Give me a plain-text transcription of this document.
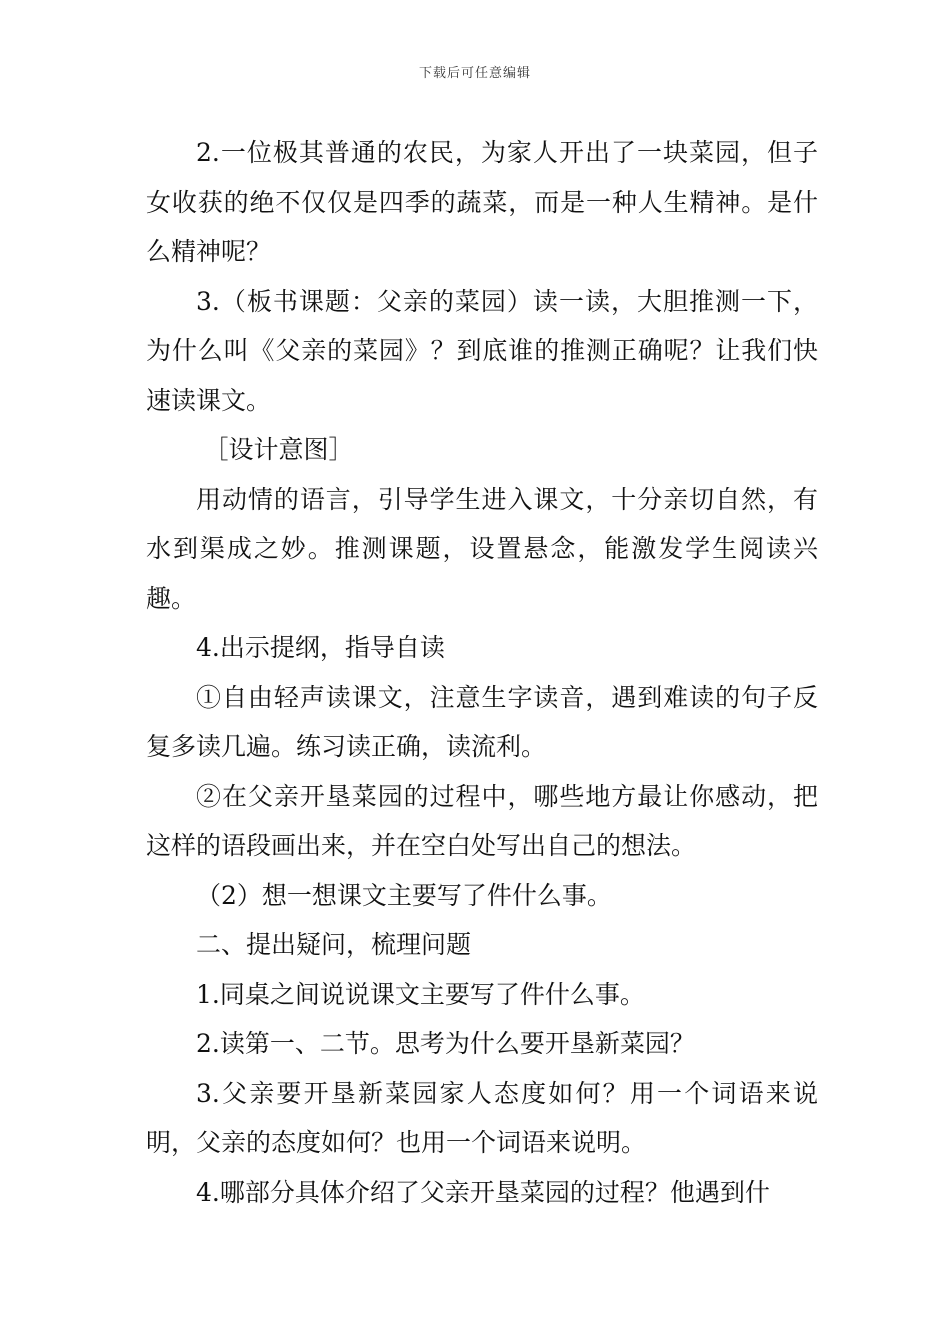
下载后可任意编辑

2.一位极其普通的农民，为家人开出了一块菜园，但子女收获的绝不仅仅是四季的蔬菜，而是一种人生精神。是什么精神呢？

3.（板书课题：父亲的菜园）读一读，大胆推测一下，为什么叫《父亲的菜园》？到底谁的推测正确呢？让我们快速读课文。

［设计意图］

用动情的语言，引导学生进入课文，十分亲切自然，有水到渠成之妙。推测课题，设置悬念，能激发学生阅读兴趣。

4.出示提纲，指导自读

①自由轻声读课文，注意生字读音，遇到难读的句子反复多读几遍。练习读正确，读流利。

②在父亲开垦菜园的过程中，哪些地方最让你感动，把这样的语段画出来，并在空白处写出自己的想法。

（2）想一想课文主要写了件什么事。

二、提出疑问，梳理问题

1.同桌之间说说课文主要写了件什么事。

2.读第一、二节。思考为什么要开垦新菜园？

3.父亲要开垦新菜园家人态度如何？用一个词语来说明，父亲的态度如何？也用一个词语来说明。

4.哪部分具体介绍了父亲开垦菜园的过程？他遇到什
